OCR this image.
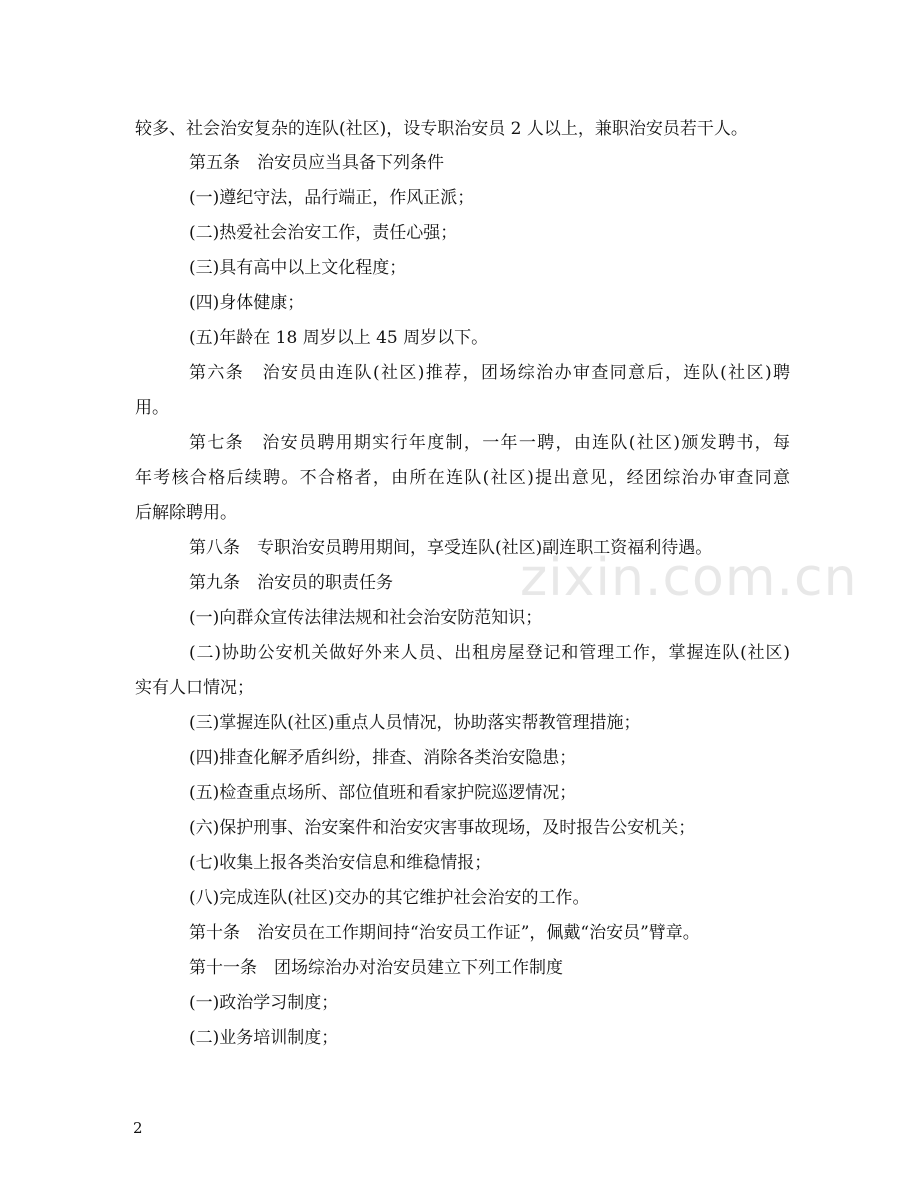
较多、社会治安复杂的连队(社区)，设专职治安员 2 人以上，兼职治安员若干人。
第五条　治安员应当具备下列条件
(一)遵纪守法，品行端正，作风正派；
(二)热爱社会治安工作，责任心强；
(三)具有高中以上文化程度；
(四)身体健康；
(五)年龄在 18 周岁以上 45 周岁以下。
第六条　治安员由连队(社区)推荐，团场综治办审查同意后，连队(社区)聘
用。
第七条　治安员聘用期实行年度制，一年一聘，由连队(社区)颁发聘书，每
年考核合格后续聘。不合格者，由所在连队(社区)提出意见，经团综治办审查同意
后解除聘用。
第八条　专职治安员聘用期间，享受连队(社区)副连职工资福利待遇。
第九条　治安员的职责任务
(一)向群众宣传法律法规和社会治安防范知识；
(二)协助公安机关做好外来人员、出租房屋登记和管理工作，掌握连队(社区)
实有人口情况；
(三)掌握连队(社区)重点人员情况，协助落实帮教管理措施；
(四)排查化解矛盾纠纷，排查、消除各类治安隐患；
(五)检查重点场所、部位值班和看家护院巡逻情况；
(六)保护刑事、治安案件和治安灾害事故现场，及时报告公安机关；
(七)收集上报各类治安信息和维稳情报；
(八)完成连队(社区)交办的其它维护社会治安的工作。
第十条　治安员在工作期间持“治安员工作证”，佩戴“治安员”臂章。
第十一条　团场综治办对治安员建立下列工作制度
(一)政治学习制度；
(二)业务培训制度；
zixin.com.cn
2
